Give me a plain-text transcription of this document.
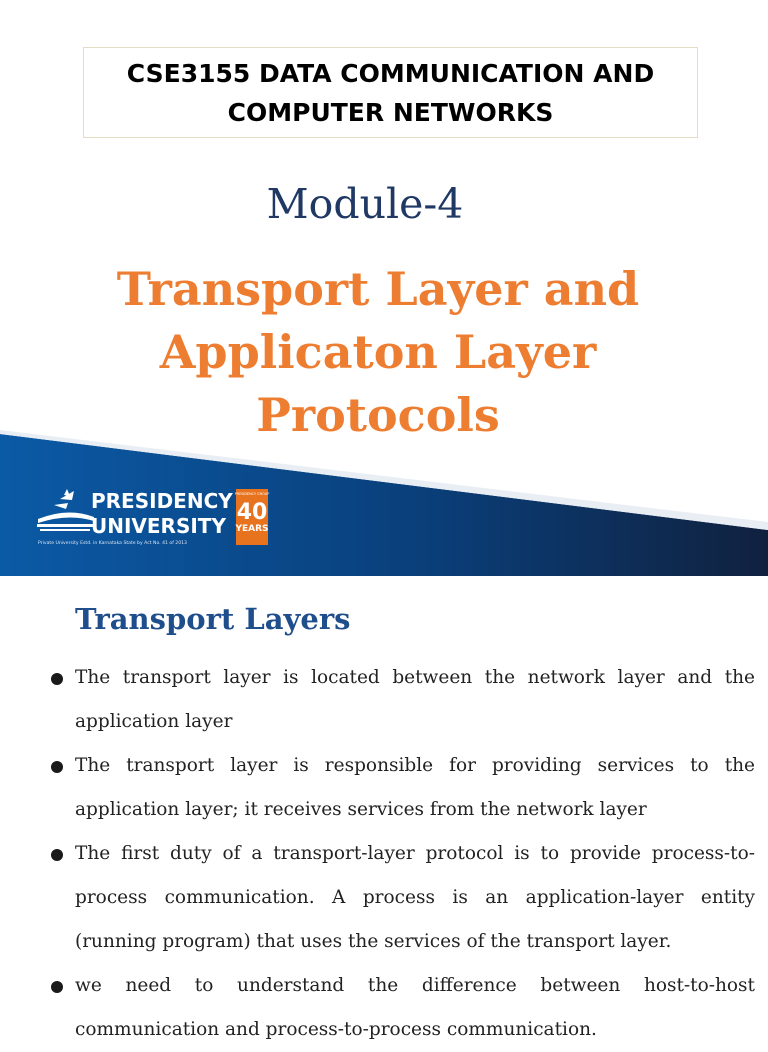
CSE3155 DATA COMMUNICATION AND
COMPUTER NETWORKS
Module-4
Transport Layer and
Applicaton Layer
Protocols
PRESIDENCY
UNIVERSITY
Private University Estd. in Karnataka State by Act No. 41 of 2013
PRESIDENCY GROUP
40
YEARS
Transport Layers
The transport layer is located between the network layer and the application layer
The transport layer is responsible for providing services to the application layer; it receives services from the network layer
The first duty of a transport-layer protocol is to provide process-to-process communication. A process is an application-layer entity (running program) that uses the services of the transport layer.
we need to understand the difference between host-to-host communication and process-to-process communication.
